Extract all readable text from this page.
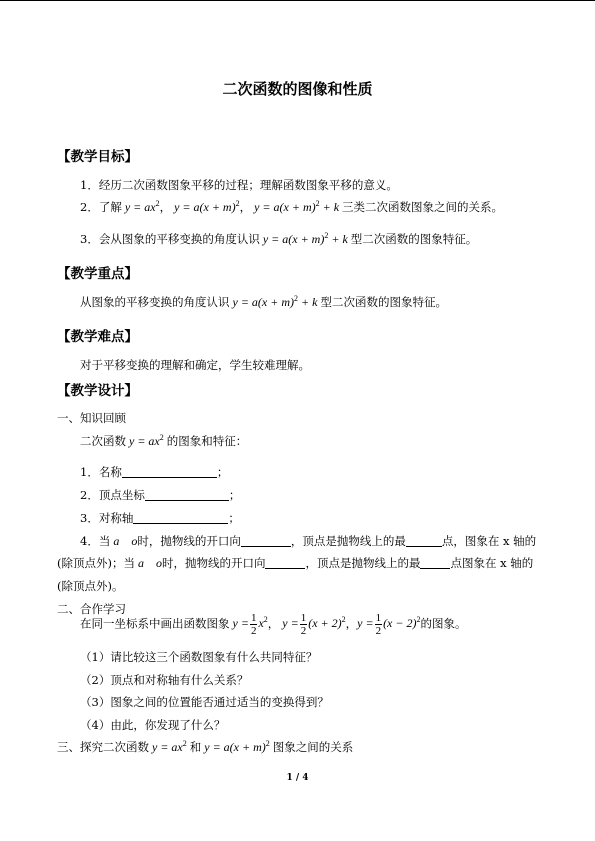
二次函数的图像和性质
【教学目标】
1．经历二次函数图象平移的过程；理解函数图象平移的意义。
2．了解 $y = ax^2$， $y = a(x + m)^2$， $y = a(x + m)^2 + k$ 三类二次函数图象之间的关系。
3．会从图象的平移变换的角度认识 $y = a(x + m)^2 + k$ 型二次函数的图象特征。
【教学重点】
从图象的平移变换的角度认识 $y = a(x + m)^2 + k$ 型二次函数的图象特征。
【教学难点】
对于平移变换的理解和确定，学生较难理解。
【教学设计】
一、知识回顾
二次函数 $y = ax^2$ 的图象和特征：
1．名称	；
2．顶点坐标	；
3．对称轴	；
4．当 a    o时，抛物线的开口向	，顶点是抛物线上的最	点，图象在 x 轴的
(除顶点外)；当 a    o时，抛物线的开口向	，顶点是抛物线上的最	点图象在 x 轴的
(除顶点外)。
二、合作学习
在同一坐标系中画出函数图象 $y = \frac{1}{2} x^2$， $y = \frac{1}{2} (x + 2)^2$，$y = \frac{1}{2} (x - 2)^2$的图象。
（1）请比较这三个函数图象有什么共同特征？
（2）顶点和对称轴有什么关系？
（3）图象之间的位置能否通过适当的变换得到？
（4）由此，你发现了什么？
三、探究二次函数 $y = ax^2$ 和 $y = a(x + m)^2$ 图象之间的关系
1 / 4
